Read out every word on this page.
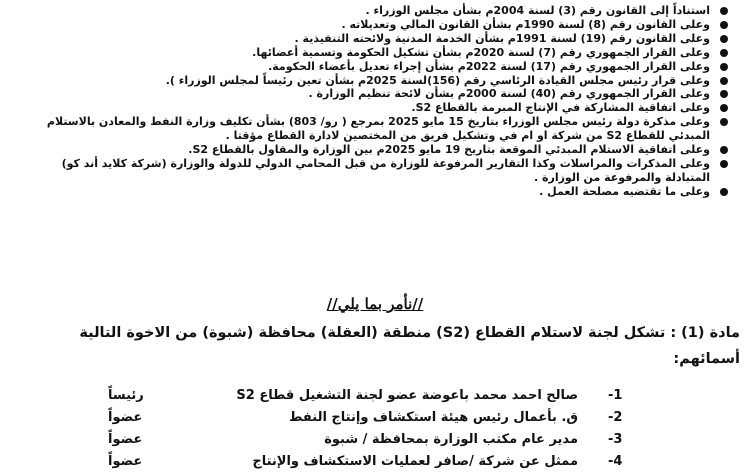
استناداً إلى القانون رقم (3) لسنة 2004م بشأن مجلس الوزراء .
وعلى القانون رقم (8) لسنة 1990م بشأن القانون المالي وتعديلاته .
وعلى القانون رقم (19) لسنة 1991م بشأن الخدمة المدنية ولائحته التنفيذية .
وعلى القرار الجمهوري رقم (7) لسنة 2020م بشأن تشكيل الحكومة وتسمية أعضائها.
وعلى القرار الجمهوري رقم (17) لسنة 2022م بشأن إجراء تعديل بأعضاء الحكومة.
وعلى قرار رئيس مجلس القيادة الرئاسي رقم (156)لسنة 2025م بشأن تعين رئيساً لمجلس الوزراء ).
وعلى القرار الجمهوري رقم (40) لسنة 2000م بشأن لائحة تنظيم الوزارة .
وعلى اتفاقية المشاركة في الإنتاج المبرمة بالقطاع S2.
وعلى مذكرة دولة رئيس مجلس الوزراء بتاريخ 15 مايو 2025 بمرجع ( رو/ 803) بشأن تكليف وزارة النفط والمعادن بالاستلام المبدئي للقطاع S2 من شركة او ام في وتشكيل فريق من المختصين لادارة القطاع مؤقتا .
وعلى اتفاقية الاستلام المبدئي الموقعة بتاريخ 19 مايو 2025م بين الوزارة والمقاول بالقطاع S2.
وعلى المذكرات والمراسلات وكذا التقارير المرفوعة للوزارة من قبل المحامي الدولي للدولة والوزارة (شركة كلايد أند كو) المتبادلة والمرفوعة من الوزارة .
وعلى ما تقتضيه مصلحة العمل .
//نأمر بما يلي//
مادة (1) : تشكل لجنة لاستلام القطاع (S2) منطقة (العقلة) محافظة (شبوة) من الاخوة التالية أسمائهم:
-1
صالح احمد محمد باعوضة عضو لجنة التشغيل قطاع S2
رئيساً
-2
ق. بأعمال رئيس هيئة استكشاف وإنتاج النفط
عضواً
-3
مدير عام مكتب الوزارة بمحافظة / شبوة
عضواً
-4
ممثل عن شركة /صافر لعمليات الاستكشاف والإنتاج
عضواً
